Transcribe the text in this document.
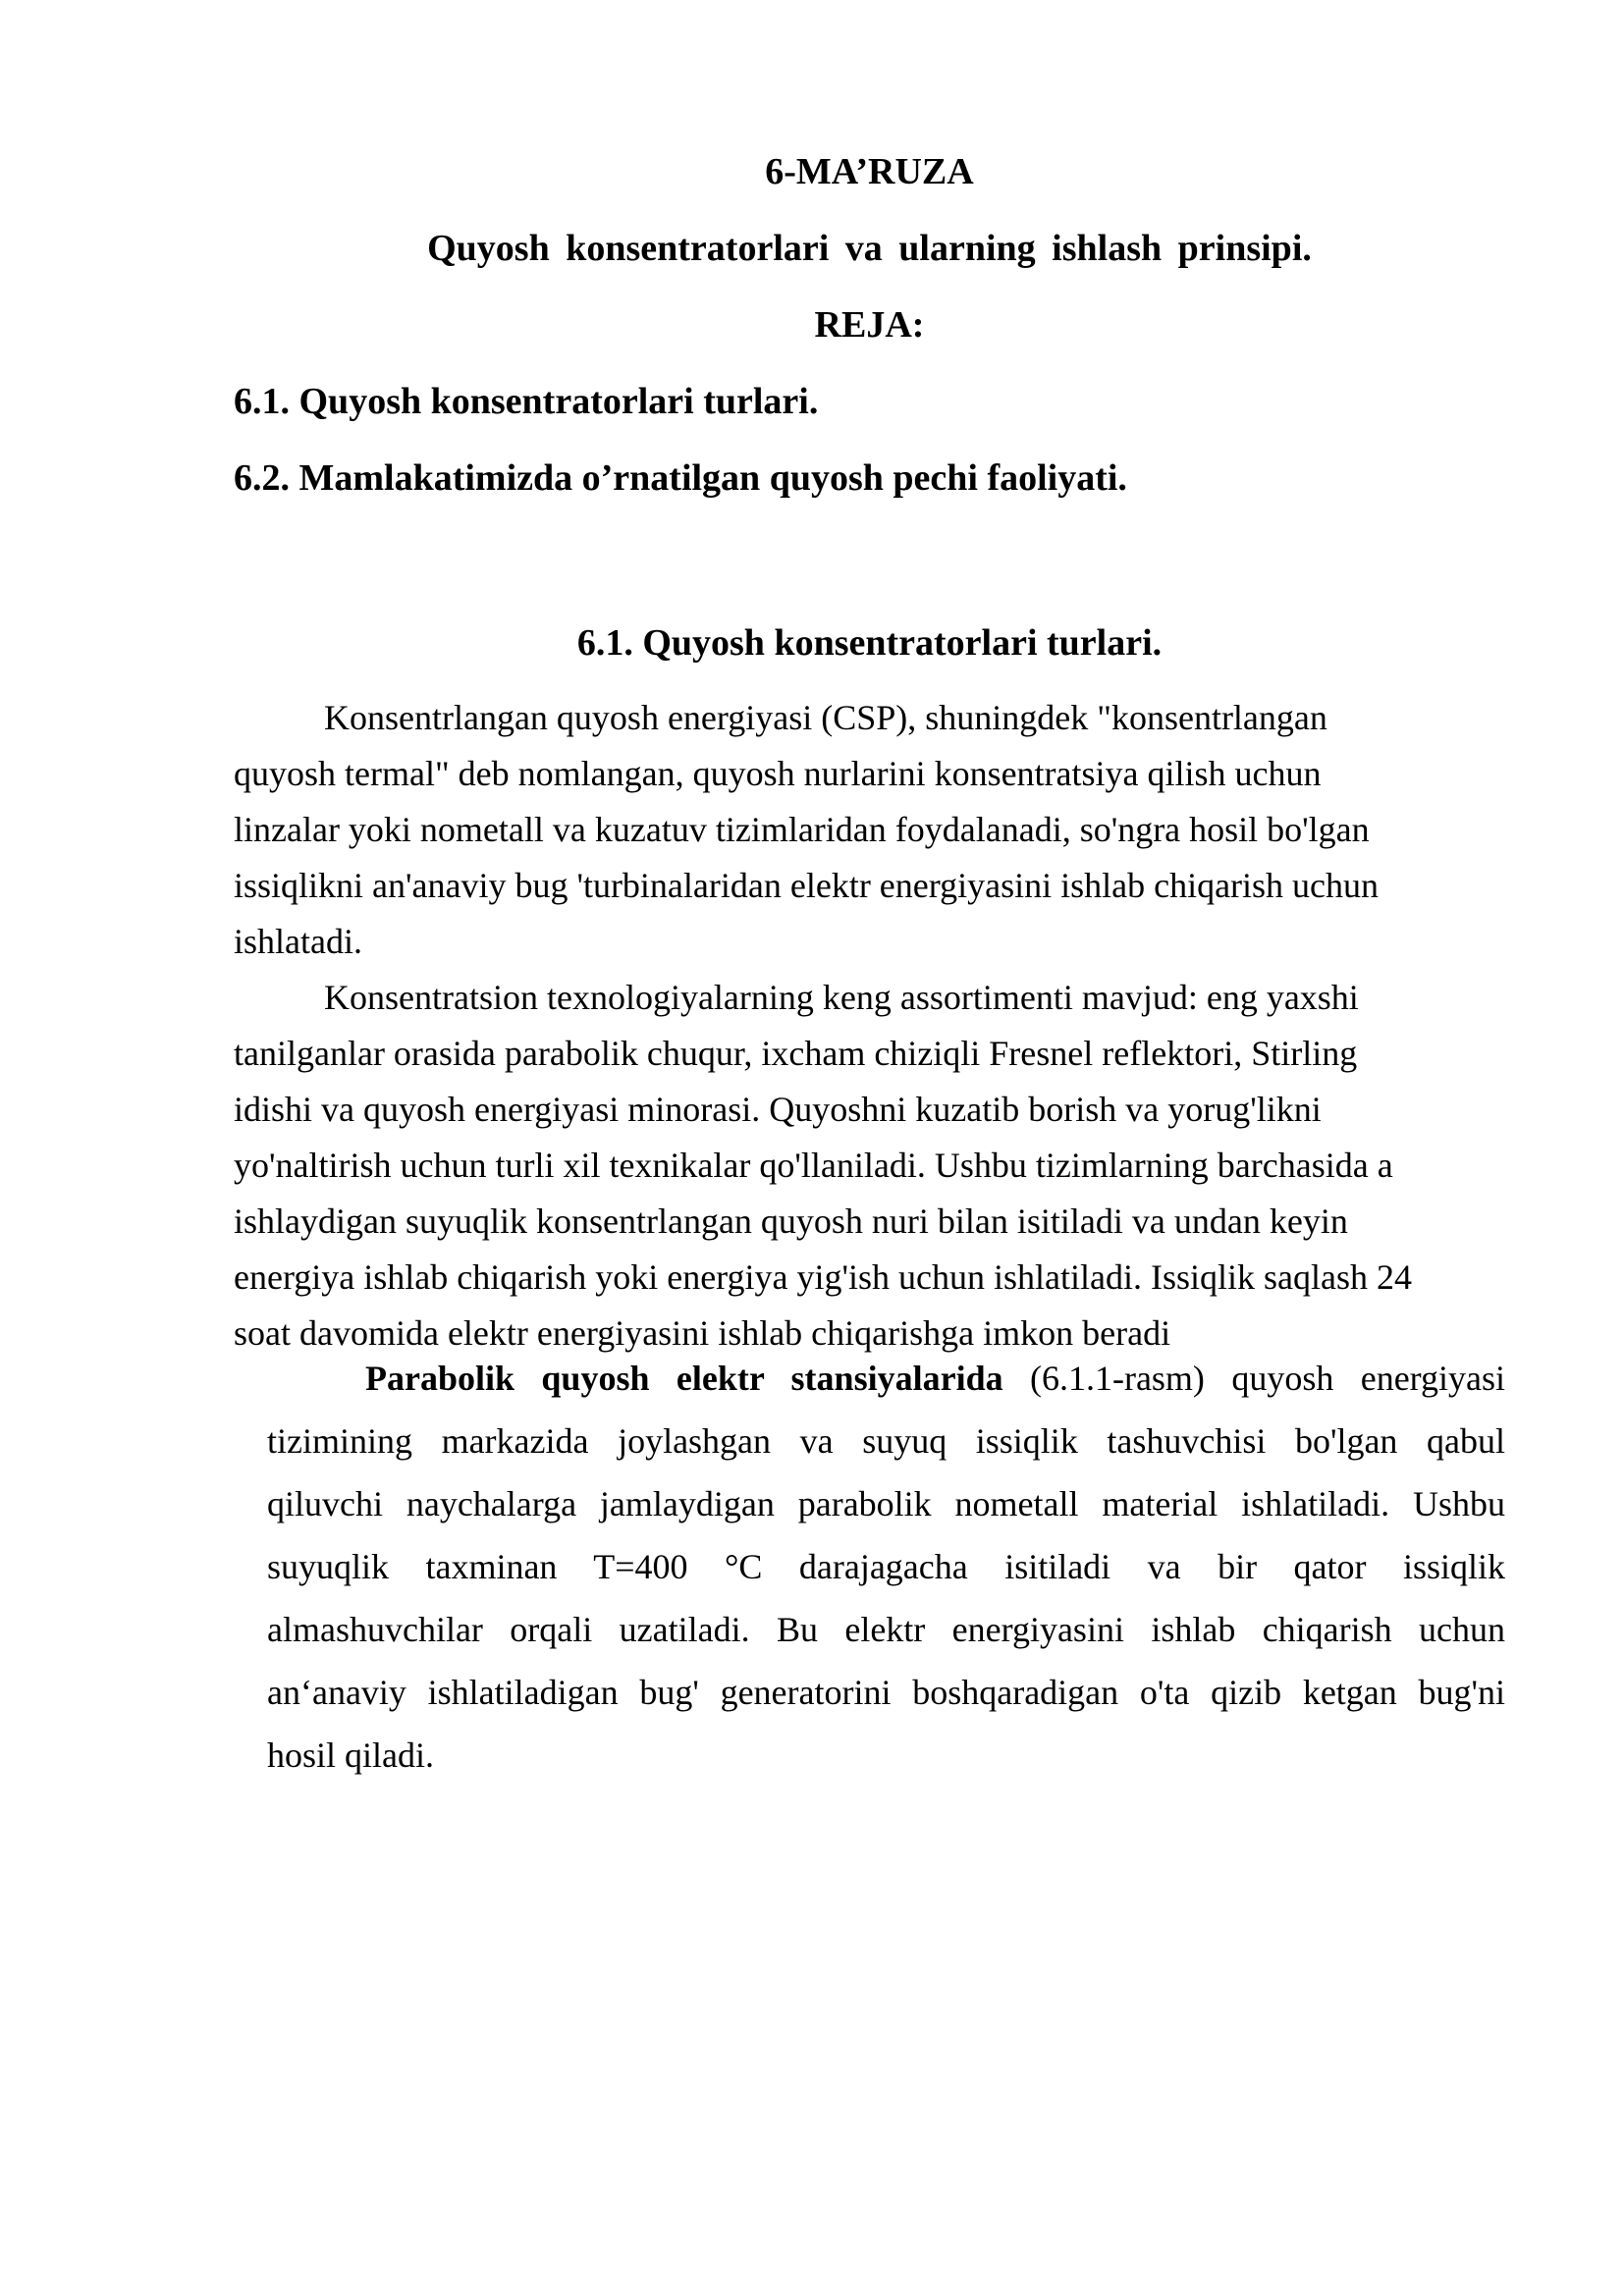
6-MA’RUZA
Quyosh konsentratorlari va ularning ishlash prinsipi.
REJA:
6.1. Quyosh konsentratorlari turlari.
6.2. Mamlakatimizda o’rnatilgan quyosh pechi faoliyati.
6.1. Quyosh konsentratorlari turlari.
Konsentrlangan quyosh energiyasi (CSP), shuningdek "konsentrlangan
quyosh termal" deb nomlangan, quyosh nurlarini konsentratsiya qilish uchun
linzalar yoki nometall va kuzatuv tizimlaridan foydalanadi, so'ngra hosil bo'lgan
issiqlikni an'anaviy bug 'turbinalaridan elektr energiyasini ishlab chiqarish uchun
ishlatadi.
Konsentratsion texnologiyalarning keng assortimenti mavjud: eng yaxshi
tanilganlar orasida parabolik chuqur, ixcham chiziqli Fresnel reflektori, Stirling
idishi va quyosh energiyasi minorasi. Quyoshni kuzatib borish va yorug'likni
yo'naltirish uchun turli xil texnikalar qo'llaniladi. Ushbu tizimlarning barchasida a
ishlaydigan suyuqlik konsentrlangan quyosh nuri bilan isitiladi va undan keyin
energiya ishlab chiqarish yoki energiya yig'ish uchun ishlatiladi. Issiqlik saqlash 24
soat davomida elektr energiyasini ishlab chiqarishga imkon beradi
Parabolik quyosh elektr stansiyalarida (6.1.1-rasm) quyosh energiyasi
tizimining markazida joylashgan va suyuq issiqlik tashuvchisi bo'lgan qabul
qiluvchi naychalarga jamlaydigan parabolik nometall material ishlatiladi. Ushbu
suyuqlik taxminan T=400 °C darajagacha isitiladi va bir qator issiqlik
almashuvchilar orqali uzatiladi. Bu elektr energiyasini ishlab chiqarish uchun
an‘anaviy ishlatiladigan bug' generatorini boshqaradigan o'ta qizib ketgan bug'ni
hosil qiladi.
